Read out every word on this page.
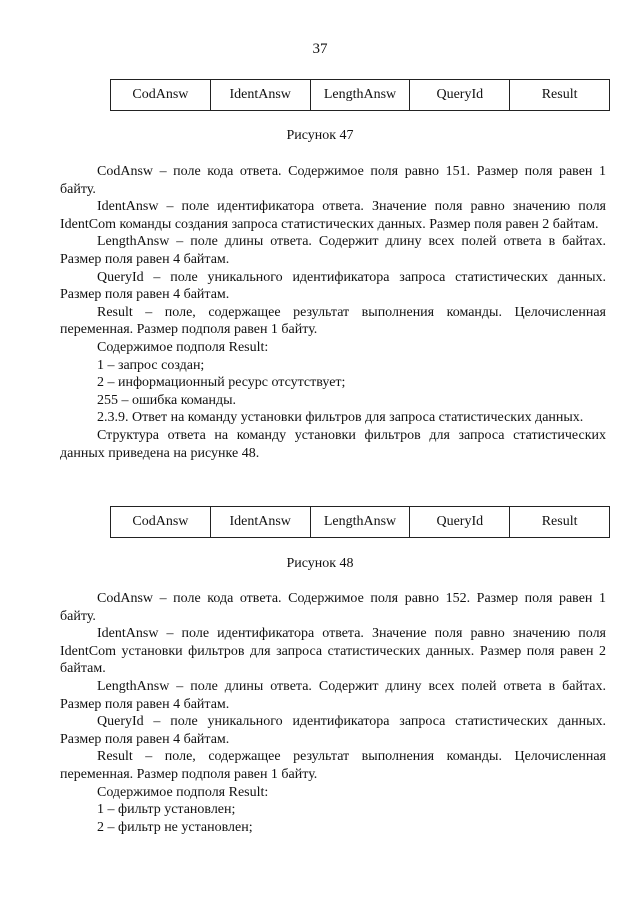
37
CodAnsw	IdentAnsw	LengthAnsw	QueryId	Result
Рисунок 47

CodAnsw – поле кода ответа. Содержимое поля равно 151. Размер поля равен 1 байту.

IdentAnsw – поле идентификатора ответа. Значение поля равно значению поля IdentCom команды создания запроса статистических данных. Размер поля равен 2 байтам.

LengthAnsw – поле длины ответа. Содержит длину всех полей ответа в байтах. Размер поля равен 4 байтам.

QueryId – поле уникального идентификатора запроса статистических данных. Размер поля равен 4 байтам.

Result – поле, содержащее результат выполнения команды. Целочисленная переменная. Размер подполя равен 1 байту.

Содержимое подполя Result:

1 – запрос создан;

2 – информационный ресурс отсутствует;

255 – ошибка команды.

2.3.9. Ответ на команду установки фильтров для запроса статистических данных.

Структура ответа на команду установки фильтров для запроса статистических данных приведена на рисунке 48.

CodAnsw	IdentAnsw	LengthAnsw	QueryId	Result
Рисунок 48

CodAnsw – поле кода ответа. Содержимое поля равно 152. Размер поля равен 1 байту.

IdentAnsw – поле идентификатора ответа. Значение поля равно значению поля IdentCom установки фильтров для запроса статистических данных. Размер поля равен 2 байтам.

LengthAnsw – поле длины ответа. Содержит длину всех полей ответа в байтах. Размер поля равен 4 байтам.

QueryId – поле уникального идентификатора запроса статистических данных. Размер поля равен 4 байтам.

Result – поле, содержащее результат выполнения команды. Целочисленная переменная. Размер подполя равен 1 байту.

Содержимое подполя Result:

1 – фильтр установлен;

2 – фильтр не установлен;
